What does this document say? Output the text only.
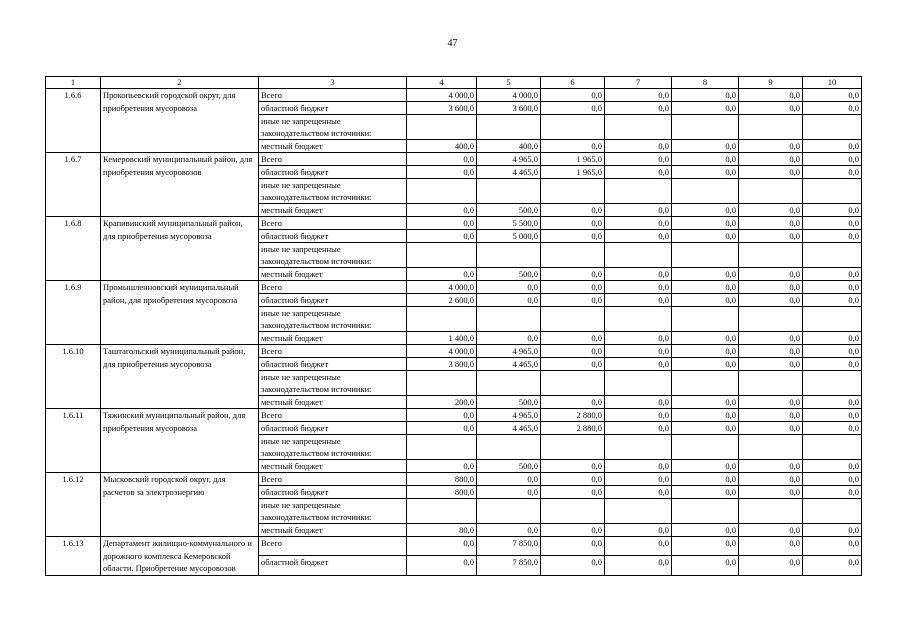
47
1	2	3	4	5	6	7	8	9	10
1.6.6	Прокопьевский городской округ, для приобретения мусоровоза	Всего	4 000,0	4 000,0	0,0	0,0	0,0	0,0	0,0
		областной бюджет	3 600,0	3 600,0	0,0	0,0	0,0	0,0	0,0

		иные не запрещенные законодательством источники:							

		местный бюджет	400,0	400,0	0,0	0,0	0,0	0,0	0,0
1.6.7	Кемеровский муниципальный район, для приобретения мусоровозов	Всего	0,0	4 965,0	1 965,0	0,0	0,0	0,0	0,0
		областной бюджет	0,0	4 465,0	1 965,0	0,0	0,0	0,0	0,0

		иные не запрещенные законодательством источники:							

		местный бюджет	0,0	500,0	0,0	0,0	0,0	0,0	0,0
1.6.8	Крапивинский муниципальный район, для приобретения мусоровоза	Всего	0,0	5 500,0	0,0	0,0	0,0	0,0	0,0
		областной бюджет	0,0	5 000,0	0,0	0,0	0,0	0,0	0,0

		иные не запрещенные законодательством источники:							

		местный бюджет	0,0	500,0	0,0	0,0	0,0	0,0	0,0
1.6.9	Промышленновский муниципальный район, для приобретения мусоровоза	Всего	4 000,0	0,0	0,0	0,0	0,0	0,0	0,0
		областной бюджет	2 600,0	0,0	0,0	0,0	0,0	0,0	0,0

		иные не запрещенные законодательством источники:							

		местный бюджет	1 400,0	0,0	0,0	0,0	0,0	0,0	0,0
1.6.10	Таштагольский муниципальный район, для приобретения мусоровоза	Всего	4 000,0	4 965,0	0,0	0,0	0,0	0,0	0,0
		областной бюджет	3 800,0	4 465,0	0,0	0,0	0,0	0,0	0,0

		иные не запрещенные законодательством источники:							

		местный бюджет	200,0	500,0	0,0	0,0	0,0	0,0	0,0
1.6.11	Тяжинский муниципальный район, для приобретения мусоровоза	Всего	0,0	4 965,0	2 880,0	0,0	0,0	0,0	0,0
		областной бюджет	0,0	4 465,0	2 880,0	0,0	0,0	0,0	0,0

		иные не запрещенные законодательством источники:							

		местный бюджет	0,0	500,0	0,0	0,0	0,0	0,0	0,0
1.6.12	Мысковский городской округ, для расчетов за электроэнергию	Всего	880,0	0,0	0,0	0,0	0,0	0,0	0,0
		областной бюджет	800,0	0,0	0,0	0,0	0,0	0,0	0,0

		иные не запрещенные законодательством источники:							

		местный бюджет	80,0	0,0	0,0	0,0	0,0	0,0	0,0
1.6.13	Департамент жилищно-коммунального и дорожного комплекса Кемеровской области. Приобретение мусоровозов	Всего	0,0	7 850,0	0,0	0,0	0,0	0,0	0,0
		областной бюджет	0,0	7 850,0	0,0	0,0	0,0	0,0	0,0
